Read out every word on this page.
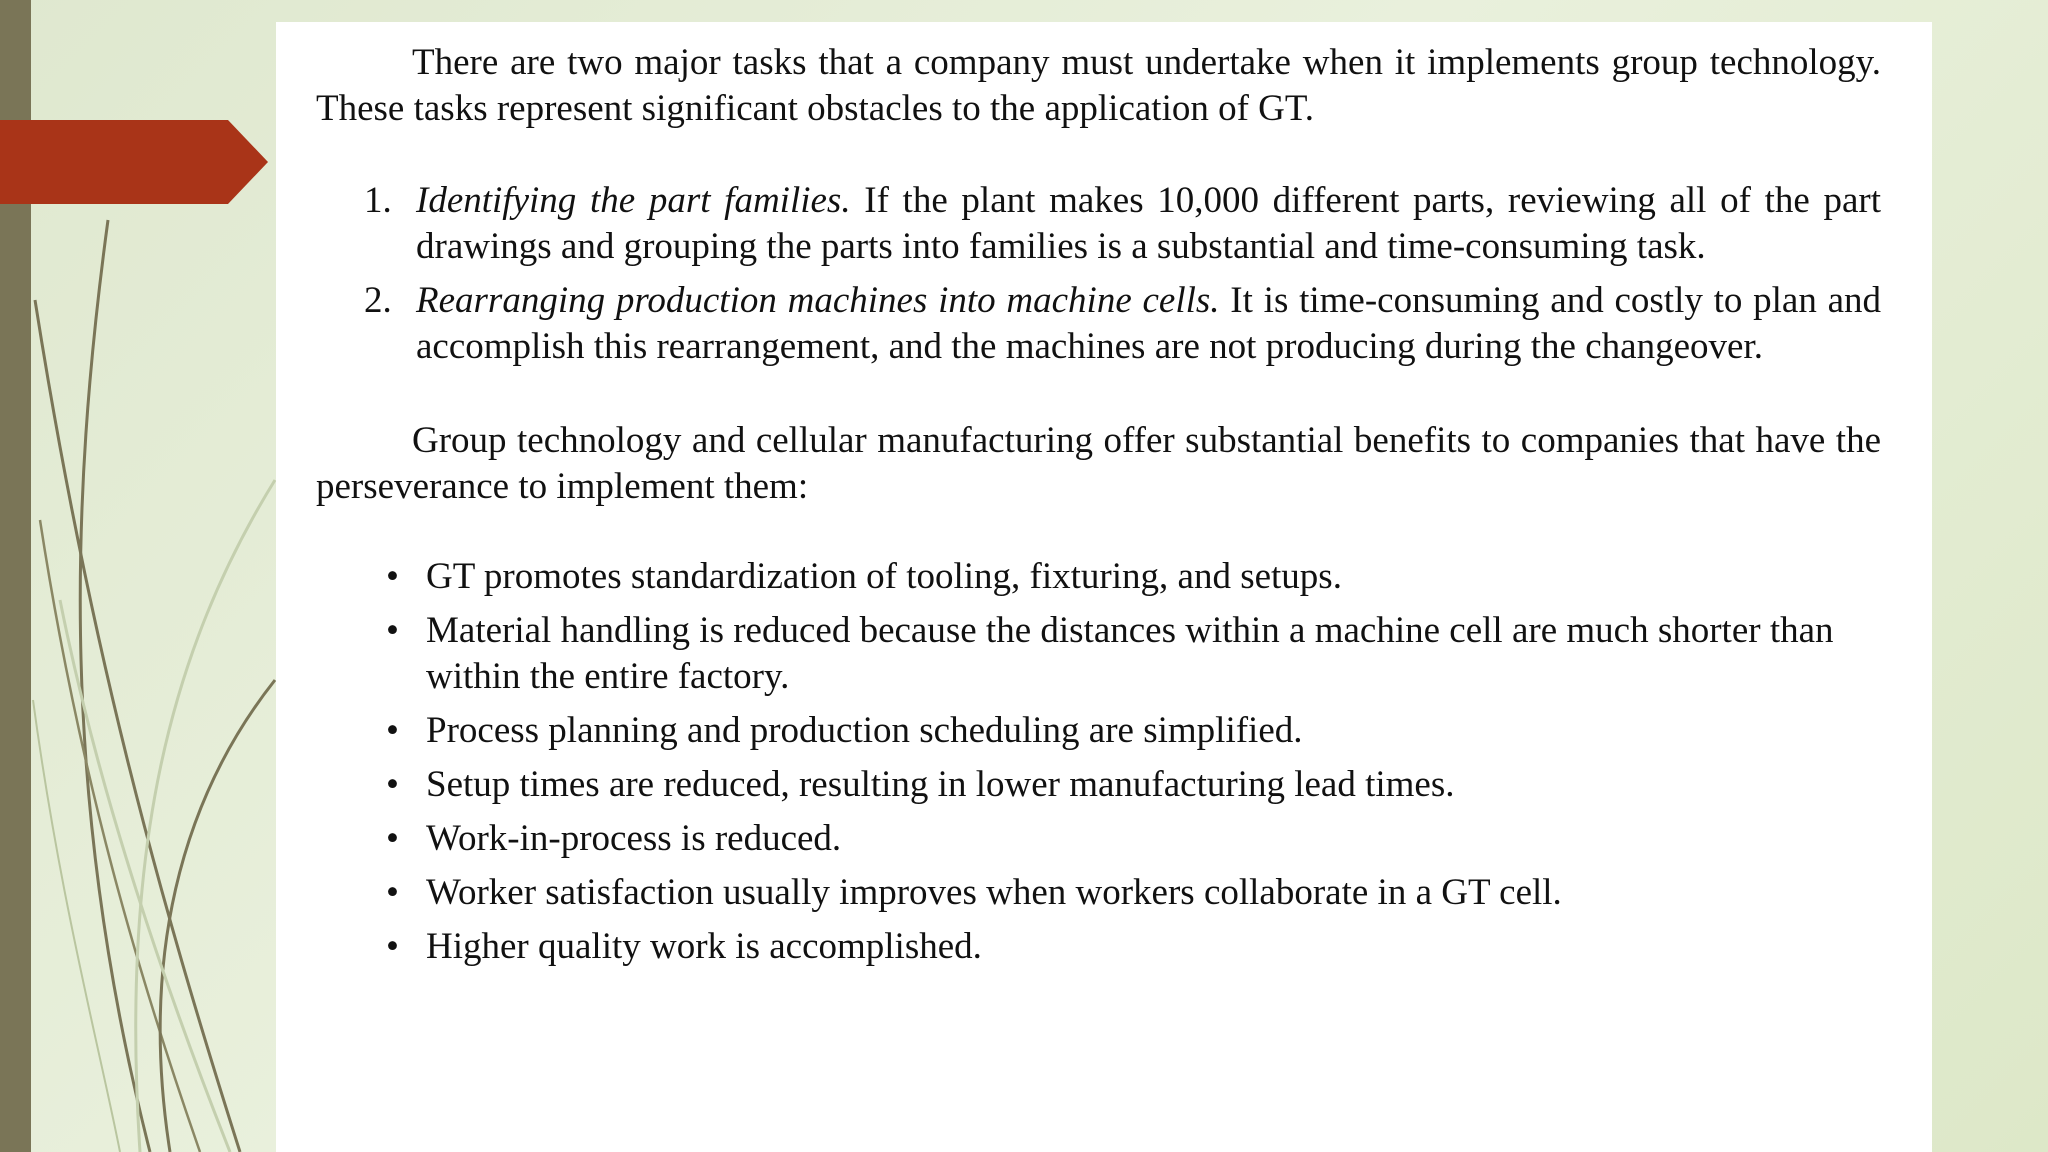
There are two major tasks that a company must undertake when it implements group technology. These tasks represent significant obstacles to the application of GT.

1. Identifying the part families. If the plant makes 10,000 different parts, reviewing all of the part drawings and grouping the parts into families is a substantial and time-consuming task.
2. Rearranging production machines into machine cells. It is time-consuming and costly to plan and accomplish this rearrangement, and the machines are not producing during the changeover.

Group technology and cellular manufacturing offer substantial benefits to companies that have the perseverance to implement them:

• GT promotes standardization of tooling, fixturing, and setups.
• Material handling is reduced because the distances within a machine cell are much shorter than within the entire factory.
• Process planning and production scheduling are simplified.
• Setup times are reduced, resulting in lower manufacturing lead times.
• Work-in-process is reduced.
• Worker satisfaction usually improves when workers collaborate in a GT cell.
• Higher quality work is accomplished.
